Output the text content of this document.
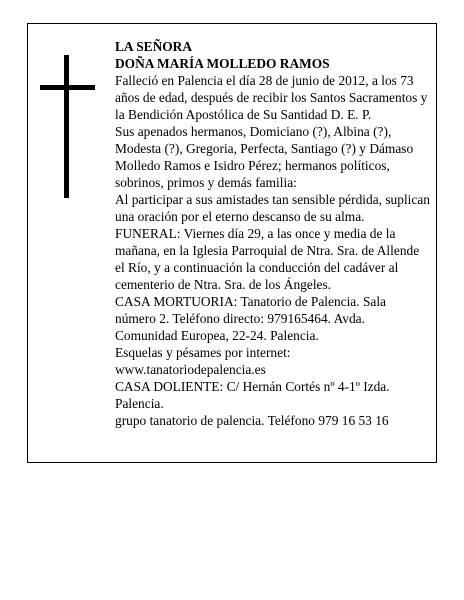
LA SEÑORA

DOÑA MARÍA MOLLEDO RAMOS

Falleció en Palencia el día 28 de junio de 2012, a los 73 años de edad, después de recibir los Santos Sacramentos y la Bendición Apostólica de Su Santidad D. E. P.

Sus apenados hermanos, Domiciano (?), Albina (?), Modesta (?), Gregoria, Perfecta, Santiago (?) y Dámaso Molledo Ramos e Isidro Pérez; hermanos políticos, sobrinos, primos y demás familia:

Al participar a sus amistades tan sensible pérdida, suplican una oración por el eterno descanso de su alma.

FUNERAL: Viernes día 29, a las once y media de la mañana, en la Iglesia Parroquial de Ntra. Sra. de Allende el Río, y a continuación la conducción del cadáver al cementerio de Ntra. Sra. de los Ángeles.

CASA MORTUORIA: Tanatorio de Palencia. Sala número 2. Teléfono directo: 979165464. Avda. Comunidad Europea, 22-24. Palencia.

Esquelas y pésames por internet:

www.tanatoriodepalencia.es

CASA DOLIENTE: C/ Hernán Cortés nº 4-1º Izda. Palencia.

grupo tanatorio de palencia. Teléfono 979 16 53 16
